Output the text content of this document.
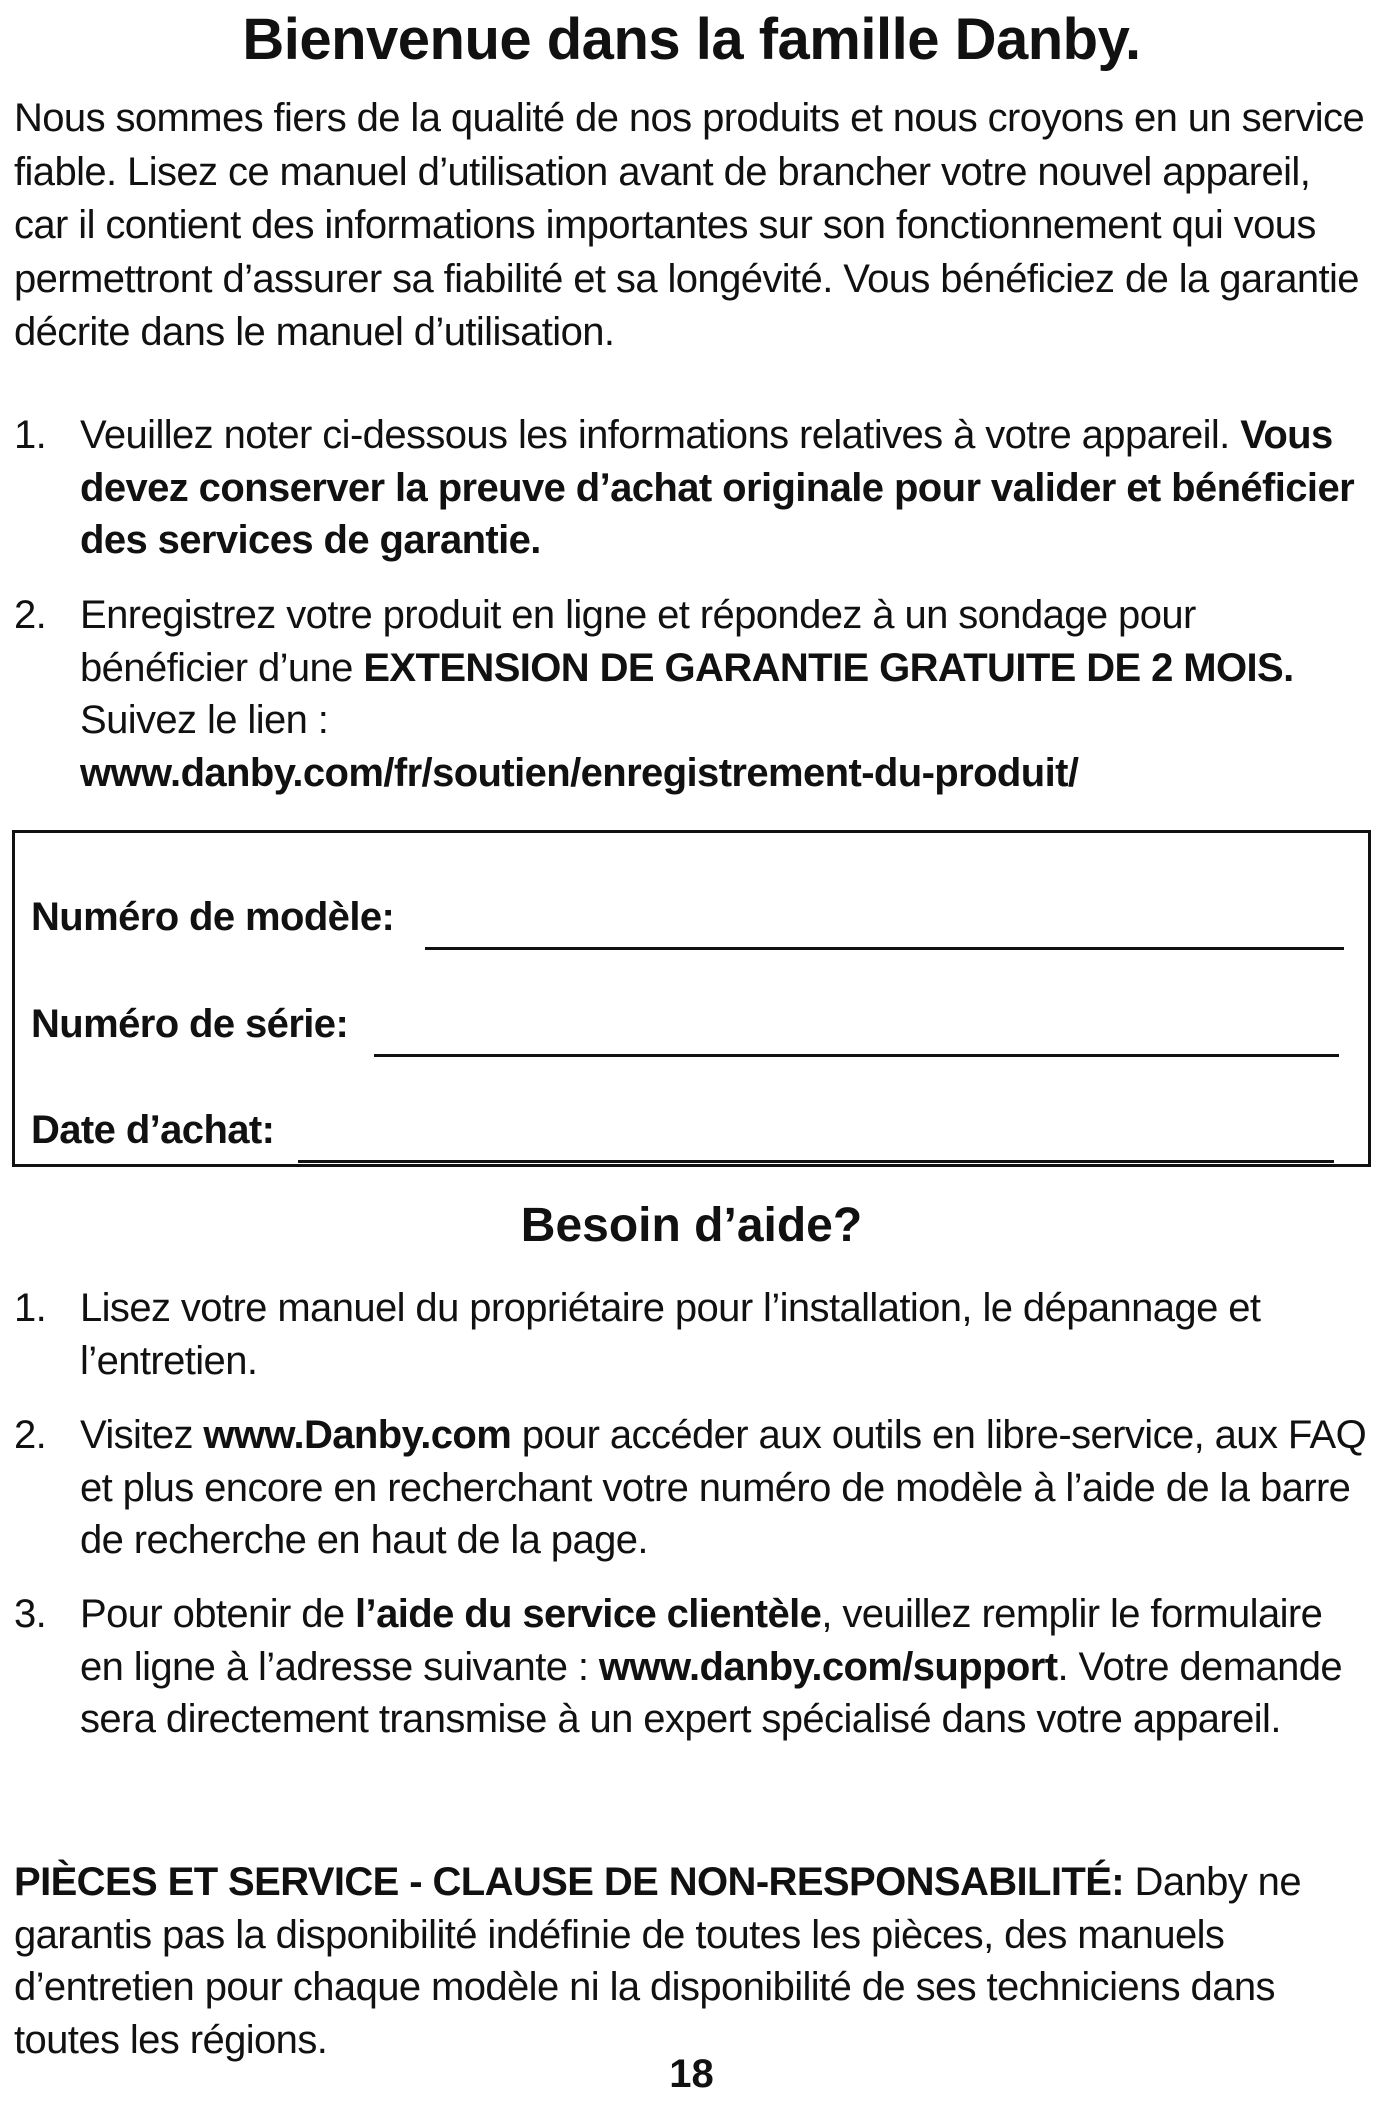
Bienvenue dans la famille Danby.
Nous sommes fiers de la qualité de nos produits et nous croyons en un service fiable. Lisez ce manuel d’utilisation avant de brancher votre nouvel appareil, car il contient des informations importantes sur son fonctionnement qui vous permettront d’assurer sa fiabilité et sa longévité. Vous bénéficiez de la garantie décrite dans le manuel d’utilisation.
1. Veuillez noter ci-dessous les informations relatives à votre appareil. Vous devez conserver la preuve d’achat originale pour valider et bénéficier des services de garantie.
2. Enregistrez votre produit en ligne et répondez à un sondage pour bénéficier d’une EXTENSION DE GARANTIE GRATUITE DE 2 MOIS. Suivez le lien :
www.danby.com/fr/soutien/enregistrement-du-produit/
Numéro de modèle:
Numéro de série:
Date d’achat:
Besoin d’aide?
1. Lisez votre manuel du propriétaire pour l’installation, le dépannage et l’entretien.
2. Visitez www.Danby.com pour accéder aux outils en libre-service, aux FAQ et plus encore en recherchant votre numéro de modèle à l’aide de la barre de recherche en haut de la page.
3. Pour obtenir de l’aide du service clientèle, veuillez remplir le formulaire en ligne à l’adresse suivante : www.danby.com/support. Votre demande sera directement transmise à un expert spécialisé dans votre appareil.
PIÈCES ET SERVICE - CLAUSE DE NON-RESPONSABILITÉ: Danby ne garantis pas la disponibilité indéfinie de toutes les pièces, des manuels d’entretien pour chaque modèle ni la disponibilité de ses techniciens dans toutes les régions.
18
